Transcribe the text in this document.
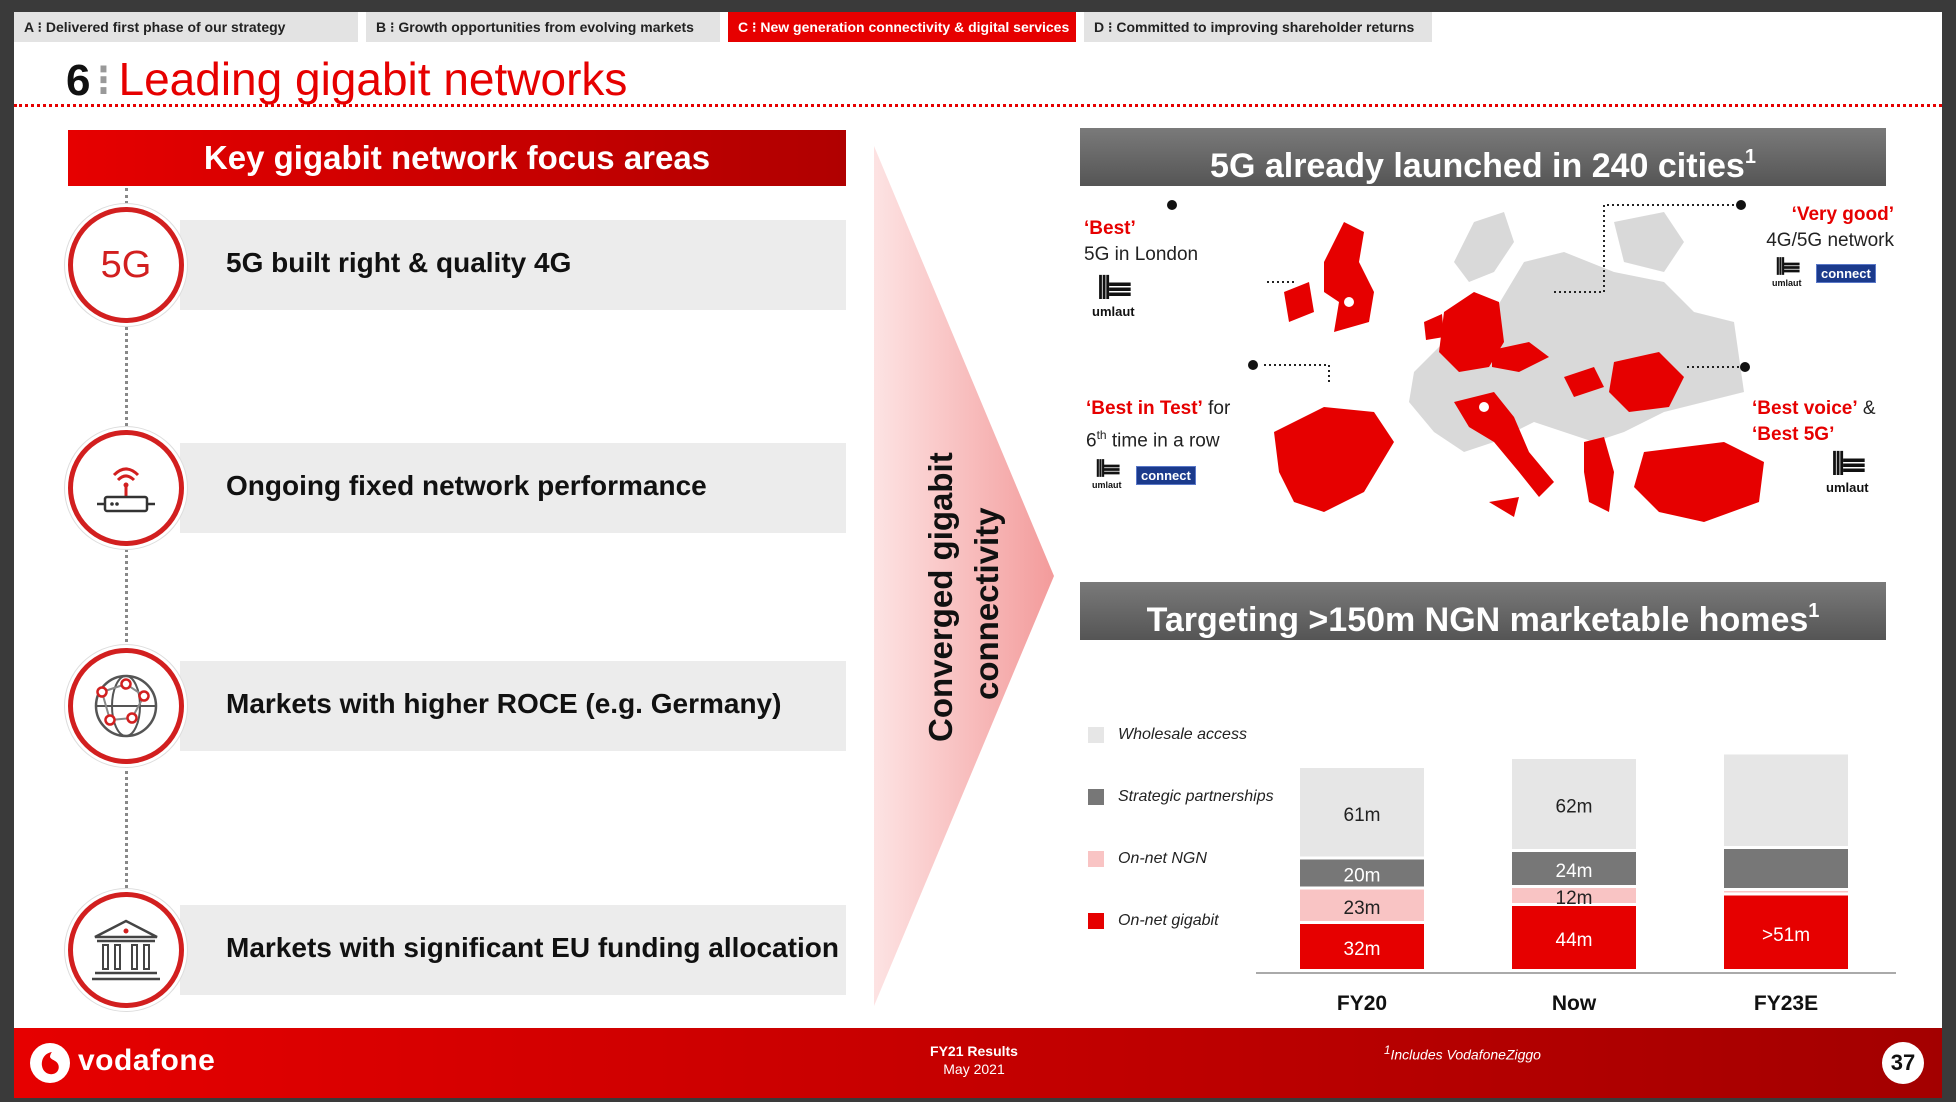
A ⁝ Delivered first phase of our strategy	B ⁝ Growth opportunities from evolving markets	C ⁝ New generation connectivity & digital services	D ⁝ Committed to improving shareholder returns
6 ⁝ Leading gigabit networks
Key gigabit network focus areas
5G	5G built right & quality 4G
Ongoing fixed network performance
Markets with higher ROCE (e.g. Germany)
Markets with significant EU funding allocation
Converged gigabit connectivity
5G already launched in 240 cities$^1$
‘Best’
5G in London
⦀☰
umlaut
‘Very good’
4G/5G network
⦀☰
umlaut
connect
‘Best in Test’ for
6th time in a row
⦀☰
umlaut
connect
‘Best voice’ &
‘Best 5G’
⦀☰
umlaut
Targeting >150m NGN marketable homes$^1$
Wholesale access
Strategic partnerships
On-net NGN
On-net gigabit
32m
23m
20m
61m
FY20
44m
12m
24m
62m
Now
>51m
FY23E
vodafone	FY21 Results
May 2021
$^1$Includes VodafoneZiggo	37
